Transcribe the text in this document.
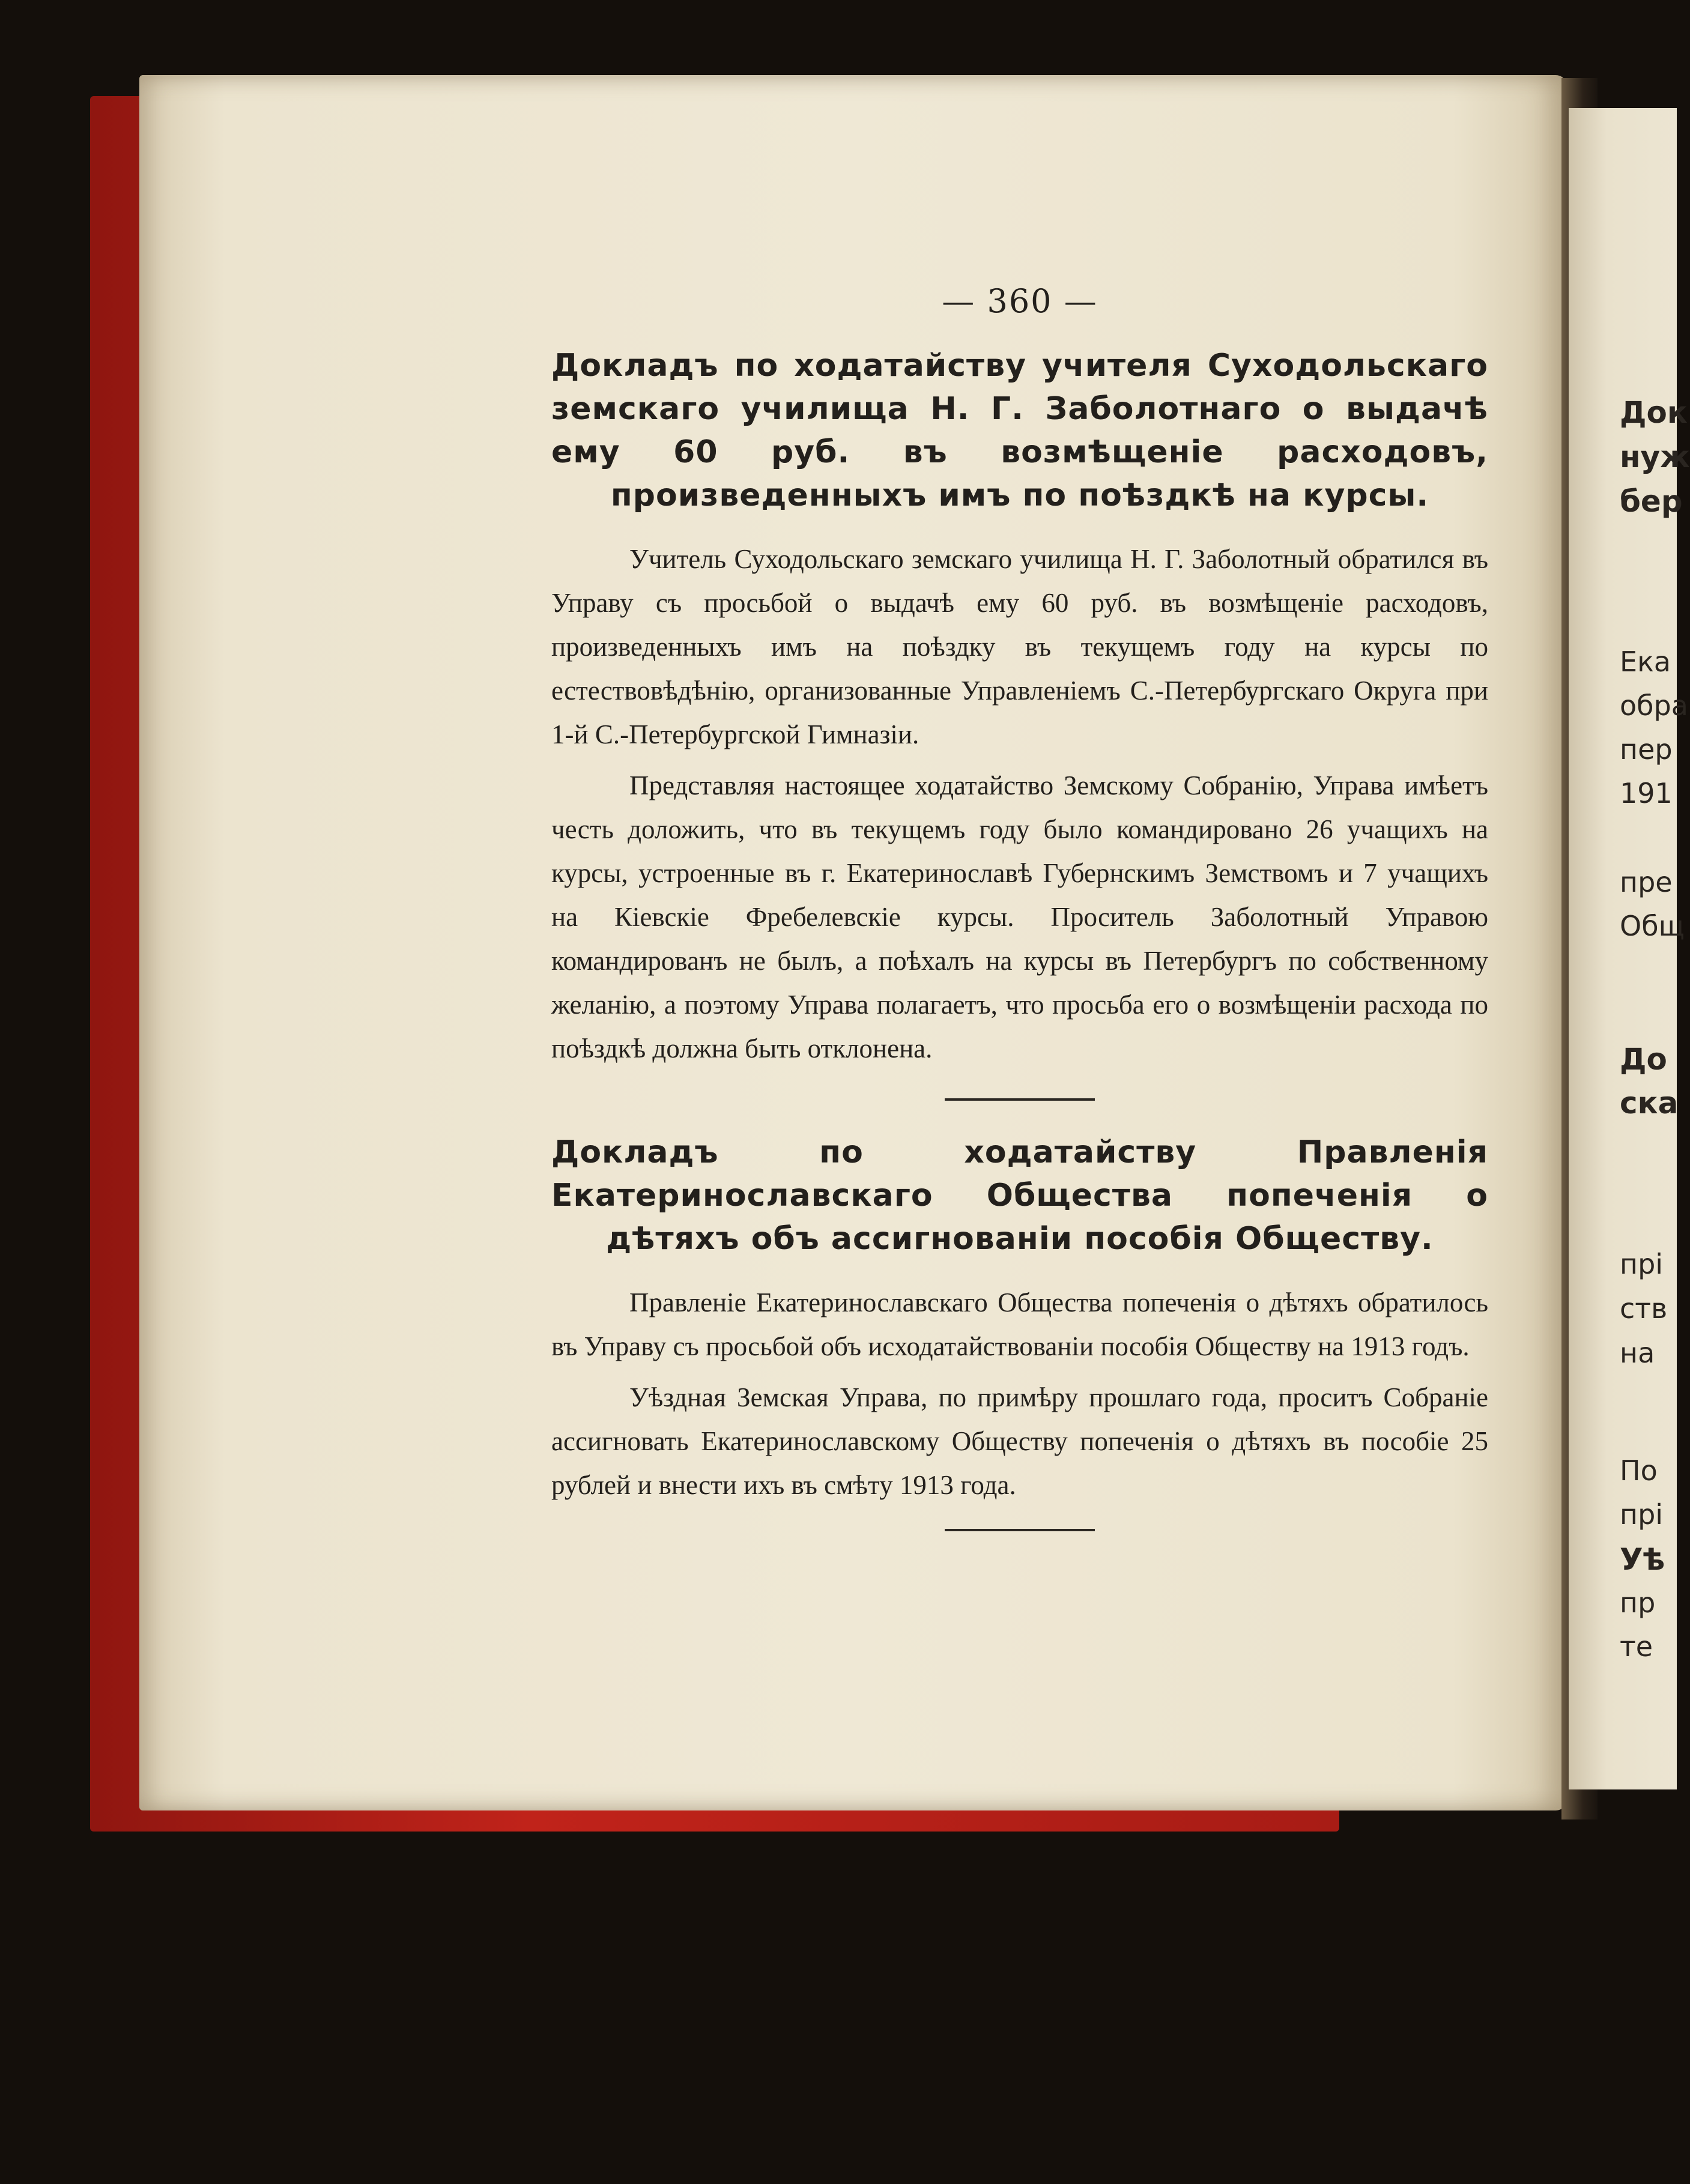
— 360 —
Докладъ по ходатайству учителя Суходольскаго земскаго училища Н. Г. Заболотнаго о выдачѣ ему 60 руб. въ возмѣщеніе расходовъ, произведенныхъ имъ по поѣздкѣ на курсы.

Учитель Суходольскаго земскаго училища Н. Г. Заболотный обратился въ Управу съ просьбой о выдачѣ ему 60 руб. въ возмѣщеніе расходовъ, произведенныхъ имъ на поѣздку въ текущемъ году на курсы по естествовѣдѣнію, организованные Управленіемъ С.-Петербургскаго Округа при 1-й С.-Петербургской Гимназіи.

Представляя настоящее ходатайство Земскому Собранію, Управа имѣетъ честь доложить, что въ текущемъ году было командировано 26 учащихъ на курсы, устроенные въ г. Екатеринославѣ Губернскимъ Земствомъ и 7 учащихъ на Кіевскіе Фребелевскіе курсы. Проситель Заболотный Управою командированъ не былъ, а поѣхалъ на курсы въ Петербургъ по собственному желанію, а поэтому Управа полагаетъ, что просьба его о возмѣщеніи расхода по поѣздкѣ должна быть отклонена.

Докладъ по ходатайству Правленія Екатеринославскаго Общества попеченія о дѣтяхъ объ ассигнованіи пособія Обществу.

Правленіе Екатеринославскаго Общества попеченія о дѣтяхъ обратилось въ Управу съ просьбой объ исходатайствованіи пособія Обществу на 1913 годъ.

Уѣздная Земская Управа, по примѣру прошлаго года, проситъ Собраніе ассигновать Екатеринославскому Обществу попеченія о дѣтяхъ въ пособіе 25 рублей и внести ихъ въ смѣту 1913 года.

Док
нуж
бер
Ека
обра
пер
191
пре
Общ
До
ска
прі
ств
на
По
прі
Уѣ
пр
те
